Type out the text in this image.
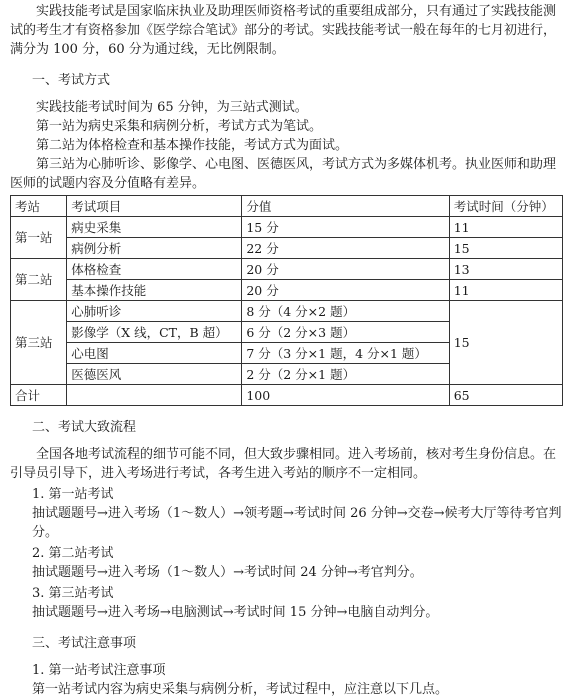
实践技能考试是国家临床执业及助理医师资格考试的重要组成部分，只有通过了实践技能测试的考生才有资格参加《医学综合笔试》部分的考试。实践技能考试一般在每年的七月初进行，满分为 100 分，60 分为通过线，无比例限制。

一、考试方式

实践技能考试时间为 65 分钟，为三站式测试。

第一站为病史采集和病例分析，考试方式为笔试。

第二站为体格检查和基本操作技能，考试方式为面试。

第三站为心肺听诊、影像学、心电图、医德医风，考试方式为多媒体机考。执业医师和助理医师的试题内容及分值略有差异。

考站	考试项目	分值	考试时间（分钟）
第一站	病史采集	15 分	11
	病例分析	22 分	15
第二站	体格检查	20 分	13
	基本操作技能	20 分	11
第三站	心肺听诊	8 分（4 分×2 题）	15
	影像学（X 线，CT，B 超）	6 分（2 分×3 题）	
	心电图	7 分（3 分×1 题，4 分×1 题）	
	医德医风	2 分（2 分×1 题）	
合计		100	65

二、考试大致流程

全国各地考试流程的细节可能不同，但大致步骤相同。进入考场前，核对考生身份信息。在引导员引导下，进入考场进行考试，各考生进入考站的顺序不一定相同。

1. 第一站考试

抽试题题号→进入考场（1～数人）→领考题→考试时间 26 分钟→交卷→候考大厅等待考官判分。

2. 第二站考试

抽试题题号→进入考场（1～数人）→考试时间 24 分钟→考官判分。

3. 第三站考试

抽试题题号→进入考场→电脑测试→考试时间 15 分钟→电脑自动判分。

三、考试注意事项

1. 第一站考试注意事项

第一站考试内容为病史采集与病例分析，考试过程中，应注意以下几点。
